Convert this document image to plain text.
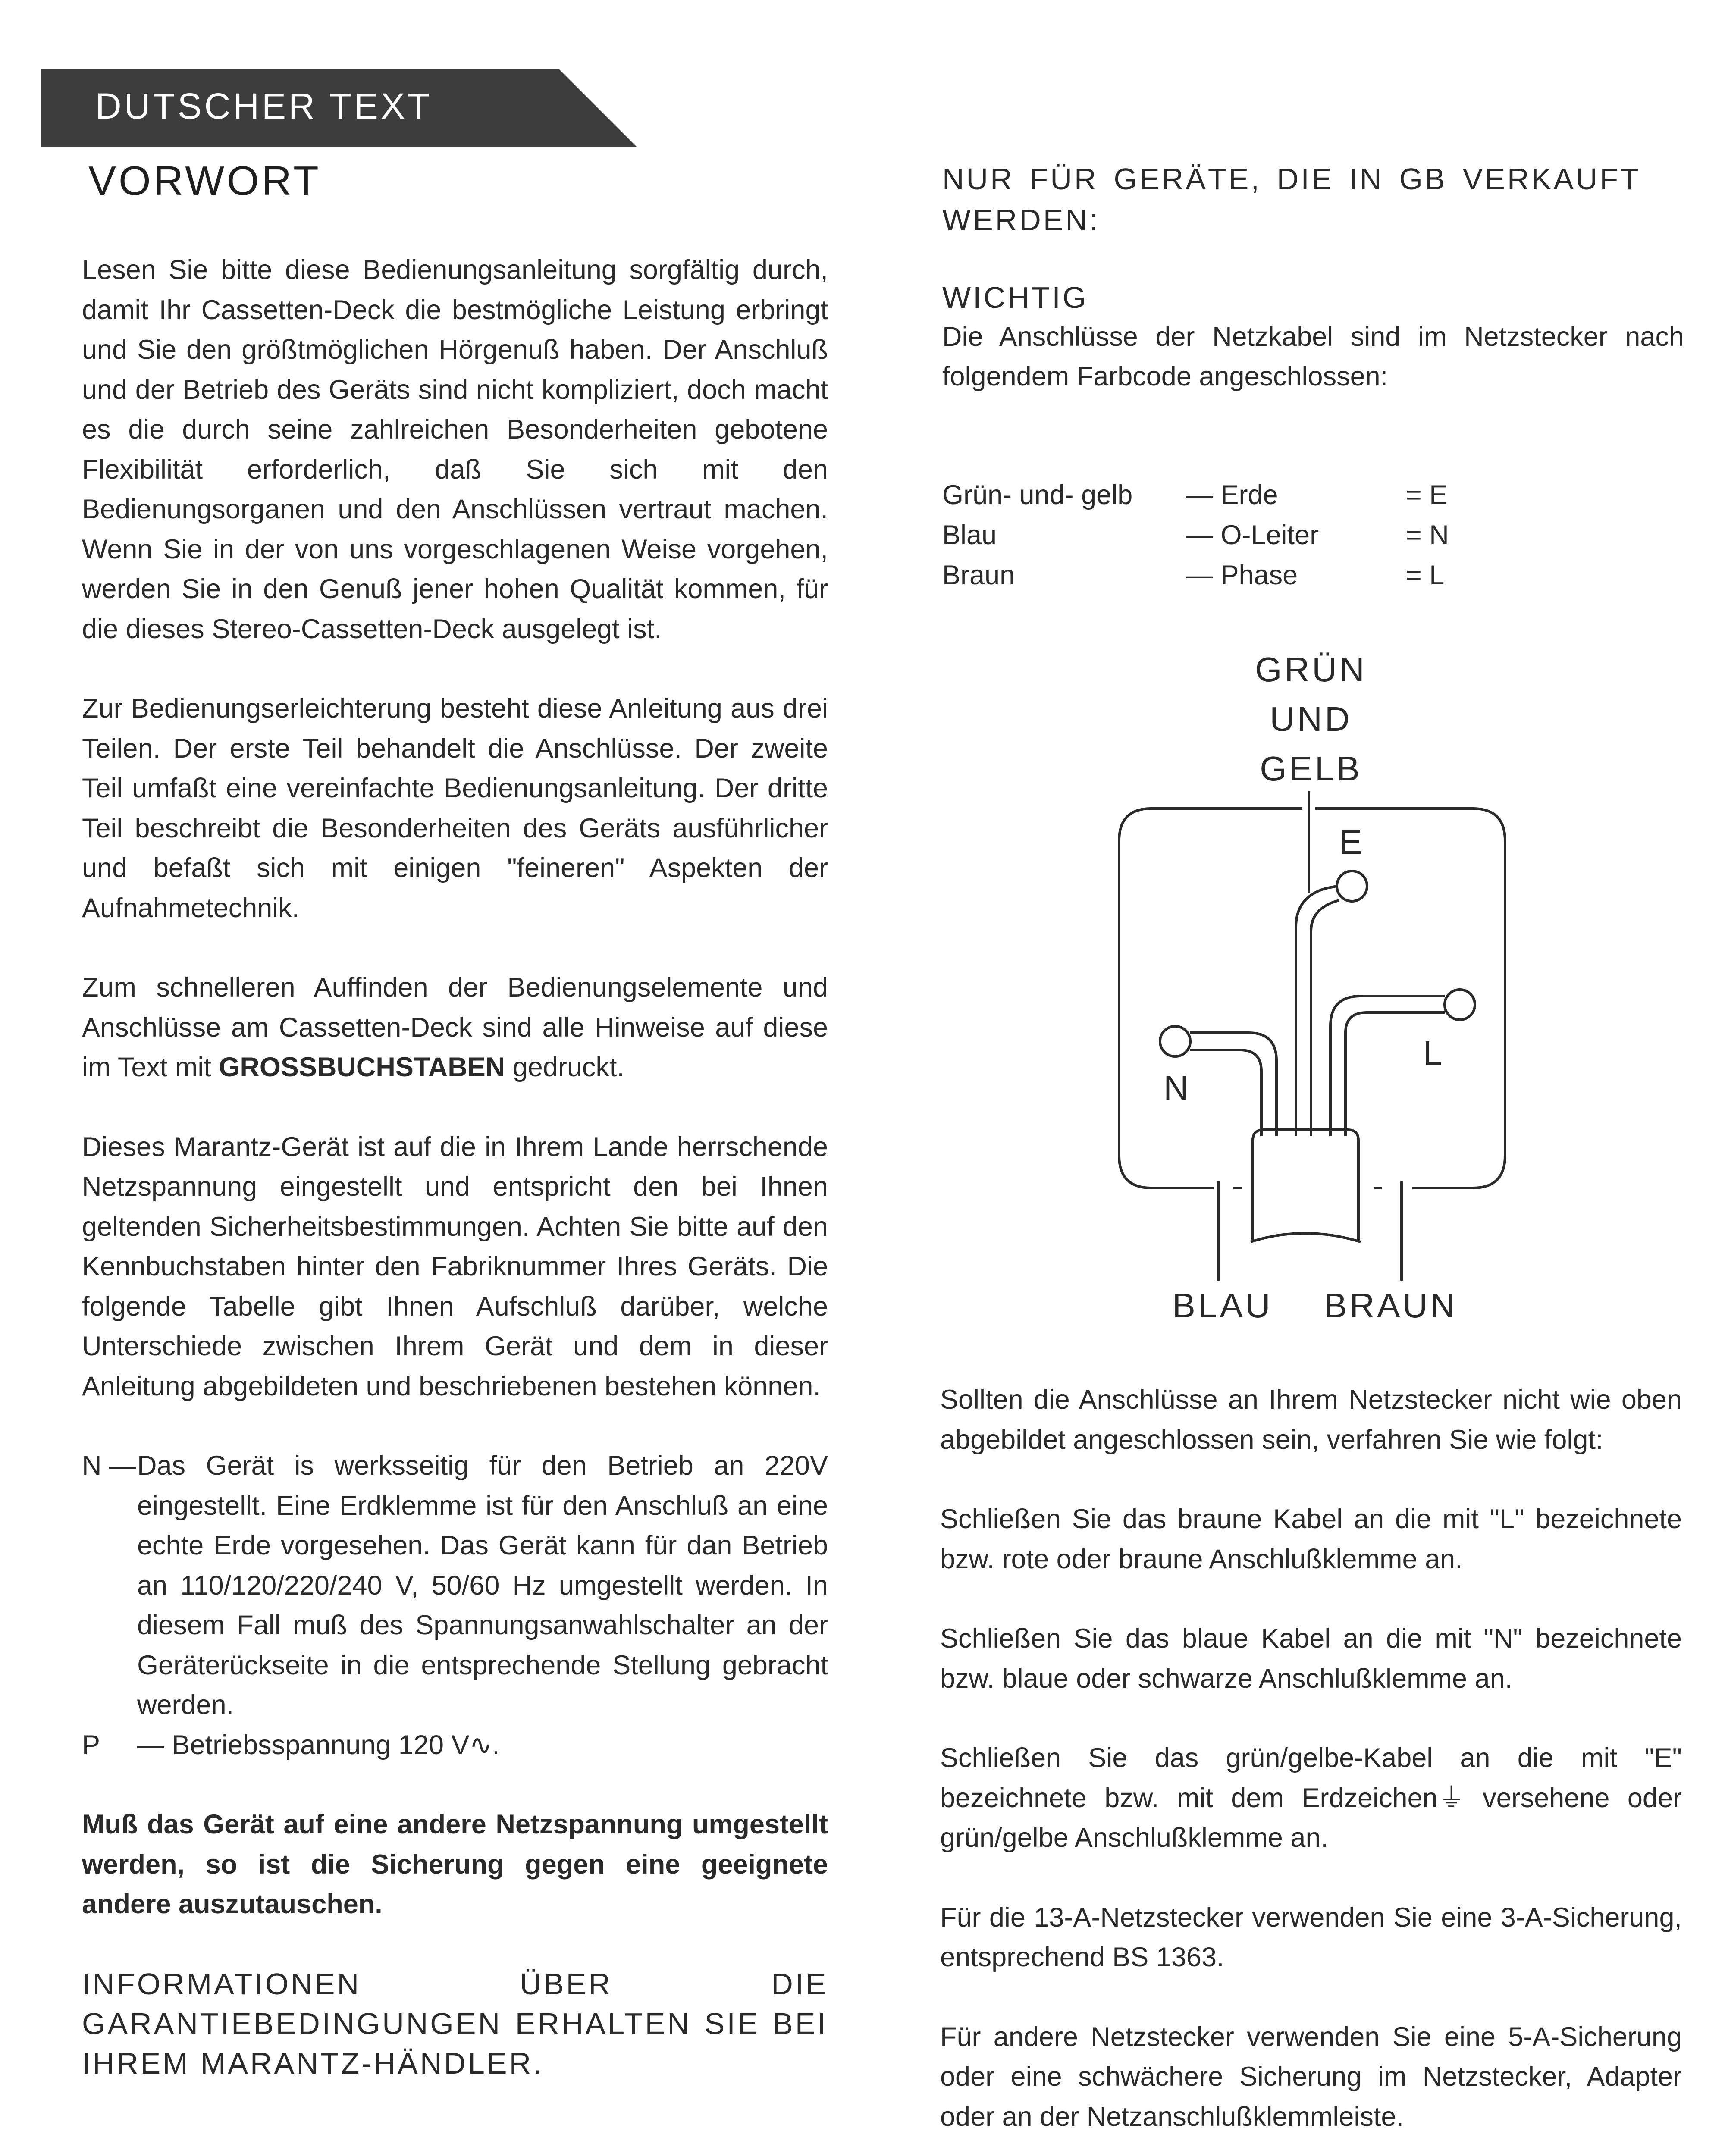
DUTSCHER TEXT
VORWORT

Lesen Sie bitte diese Bedienungsanleitung sorgfältig durch, damit Ihr Cassetten-Deck die bestmögliche Leistung erbringt und Sie den größtmöglichen Hörgenuß haben. Der Anschluß und der Betrieb des Geräts sind nicht kompliziert, doch macht es die durch seine zahlreichen Besonderheiten gebotene Flexibilität erforderlich, daß Sie sich mit den Bedienungsorganen und den Anschlüssen vertraut machen. Wenn Sie in der von uns vorgeschlagenen Weise vorgehen, werden Sie in den Genuß jener hohen Qualität kommen, für die dieses Stereo-Cassetten-Deck ausgelegt ist.

Zur Bedienungserleichterung besteht diese Anleitung aus drei Teilen. Der erste Teil behandelt die Anschlüsse. Der zweite Teil umfaßt eine vereinfachte Bedienungsanleitung. Der dritte Teil beschreibt die Besonderheiten des Geräts ausführlicher und befaßt sich mit einigen "feineren" Aspekten der Aufnahmetechnik.

Zum schnelleren Auffinden der Bedienungselemente und Anschlüsse am Cassetten-Deck sind alle Hinweise auf diese im Text mit GROSSBUCHSTABEN gedruckt.

Dieses Marantz-Gerät ist auf die in Ihrem Lande herrschende Netzspannung eingestellt und entspricht den bei Ihnen geltenden Sicherheitsbestimmungen. Achten Sie bitte auf den Kennbuchstaben hinter den Fabriknummer Ihres Geräts. Die folgende Tabelle gibt Ihnen Aufschluß darüber, welche Unterschiede zwischen Ihrem Gerät und dem in dieser Anleitung abgebildeten und beschriebenen bestehen können.

N —Das Gerät is werksseitig für den Betrieb an 220V eingestellt. Eine Erdklemme ist für den Anschluß an eine echte Erde vorgesehen. Das Gerät kann für dan Betrieb an 110/120/220/240 V, 50/60 Hz umgestellt werden. In diesem Fall muß des Spannungsanwahlschalter an der Geräterückseite in die entsprechende Stellung gebracht werden.

P — Betriebsspannung 120 V∿.

Muß das Gerät auf eine andere Netzspannung umgestellt werden, so ist die Sicherung gegen eine geeignete andere auszutauschen.

INFORMATIONEN ÜBER DIE GARANTIEBEDINGUNGEN ERHALTEN SIE BEI IHREM MARANTZ-HÄNDLER.

NUR FÜR GERÄTE, DIE IN GB VERKAUFT WERDEN:
WICHTIG

Die Anschlüsse der Netzkabel sind im Netzstecker nach folgendem Farbcode angeschlossen:

Grün- und- gelb — Erde	= E
Blau	— O-Leiter	= N
Braun	— Phase	= L
GRÜN
UND
GELB
E
N
L
BLAU BRAUN

Sollten die Anschlüsse an Ihrem Netzstecker nicht wie oben abgebildet angeschlossen sein, verfahren Sie wie folgt:

Schließen Sie das braune Kabel an die mit "L" bezeichnete bzw. rote oder braune Anschlußklemme an.

Schließen Sie das blaue Kabel an die mit "N" bezeichnete bzw. blaue oder schwarze Anschlußklemme an.

Schließen Sie das grün/gelbe-Kabel an die mit "E" bezeichnete bzw. mit dem Erdzeichen⏚ versehene oder grün/gelbe Anschlußklemme an.

Für die 13-A-Netzstecker verwenden Sie eine 3-A-Sicherung, entsprechend BS 1363.

Für andere Netzstecker verwenden Sie eine 5-A-Sicherung oder eine schwächere Sicherung im Netzstecker, Adapter oder an der Netzanschlußklemmleiste.
